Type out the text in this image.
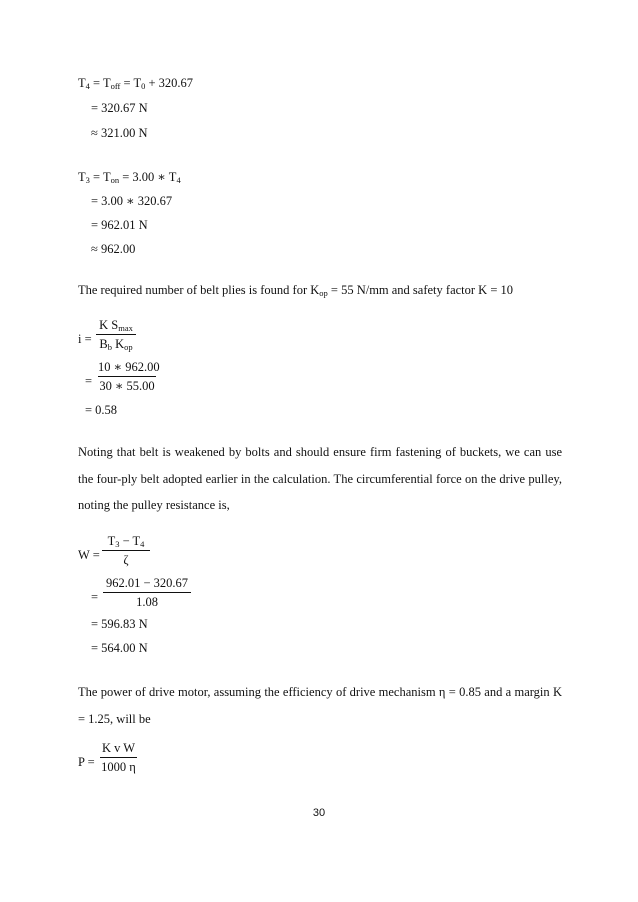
$T_4 = T_{off} = T_0 + 320.67$
= 320.67 N
≈ 321.00 N
$T_3 = T_{on} = 3.00$ ∗ $T_4$
= 3.00 ∗ 320.67
= 962.01 N
≈ 962.00
The required number of belt plies is found for $K_{op} = 55$ N/mm and safety factor K = 10
i =
K $S_{max}$
$B_b$ $K_{op}$
=
10 ∗ 962.00
30 ∗ 55.00
= 0.58
Noting that belt is weakened by bolts and should ensure firm fastening of buckets, we can use the four-ply belt adopted earlier in the calculation. The circumferential force on the drive pulley, noting the pulley resistance is,
W =
$T_3 - T_4$
ζ
=
962.01 − 320.67
1.08
= 596.83 N
= 564.00 N
The power of drive motor, assuming the efficiency of drive mechanism η = 0.85 and a margin K = 1.25, will be
P =
K v W
1000 η
30
